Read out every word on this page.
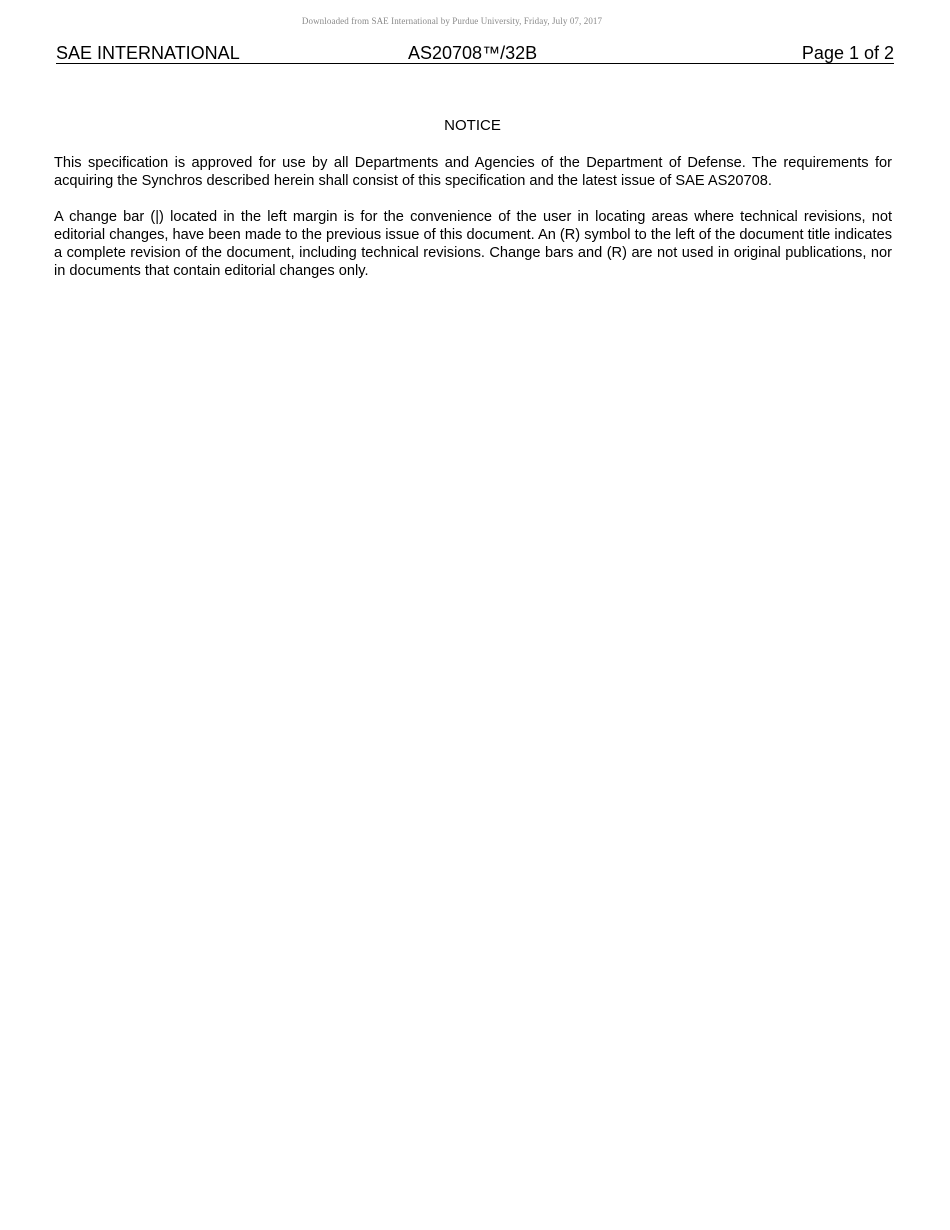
Downloaded from SAE International by Purdue University, Friday, July 07, 2017
SAE INTERNATIONAL	AS20708™/32B	Page 1 of 2
NOTICE

This specification is approved for use by all Departments and Agencies of the Department of Defense. The requirements for acquiring the Synchros described herein shall consist of this specification and the latest issue of SAE AS20708.

A change bar (|) located in the left margin is for the convenience of the user in locating areas where technical revisions, not editorial changes, have been made to the previous issue of this document. An (R) symbol to the left of the document title indicates a complete revision of the document, including technical revisions. Change bars and (R) are not used in original publications, nor in documents that contain editorial changes only.
